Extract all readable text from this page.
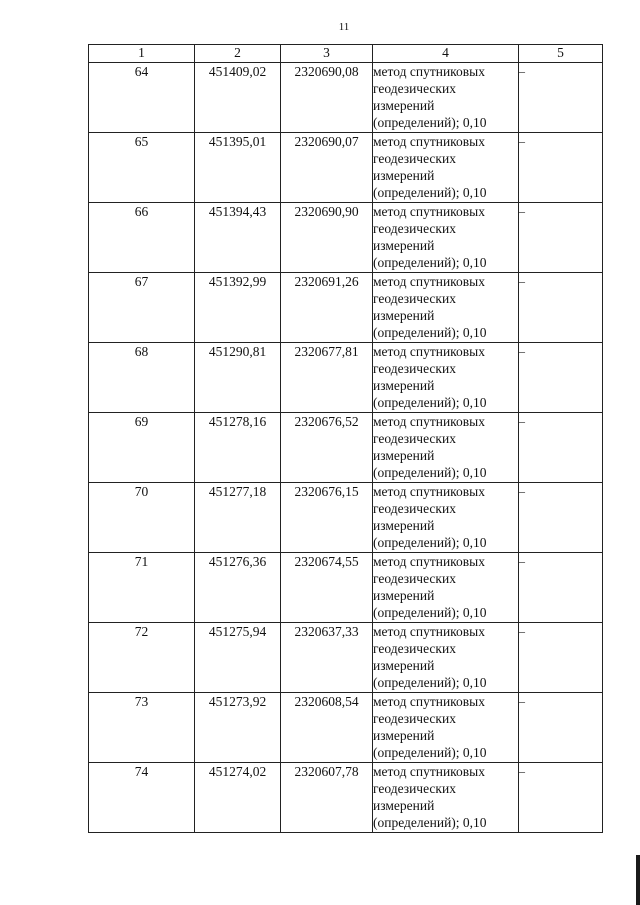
11
1	2	3	4	5
64	451409,02	2320690,08	метод спутниковых геодезических измерений (определений); 0,10	–
65	451395,01	2320690,07	метод спутниковых геодезических измерений (определений); 0,10	–
66	451394,43	2320690,90	метод спутниковых геодезических измерений (определений); 0,10	–
67	451392,99	2320691,26	метод спутниковых геодезических измерений (определений); 0,10	–
68	451290,81	2320677,81	метод спутниковых геодезических измерений (определений); 0,10	–
69	451278,16	2320676,52	метод спутниковых геодезических измерений (определений); 0,10	–
70	451277,18	2320676,15	метод спутниковых геодезических измерений (определений); 0,10	–
71	451276,36	2320674,55	метод спутниковых геодезических измерений (определений); 0,10	–
72	451275,94	2320637,33	метод спутниковых геодезических измерений (определений); 0,10	–
73	451273,92	2320608,54	метод спутниковых геодезических измерений (определений); 0,10	–
74	451274,02	2320607,78	метод спутниковых геодезических измерений (определений); 0,10	–
